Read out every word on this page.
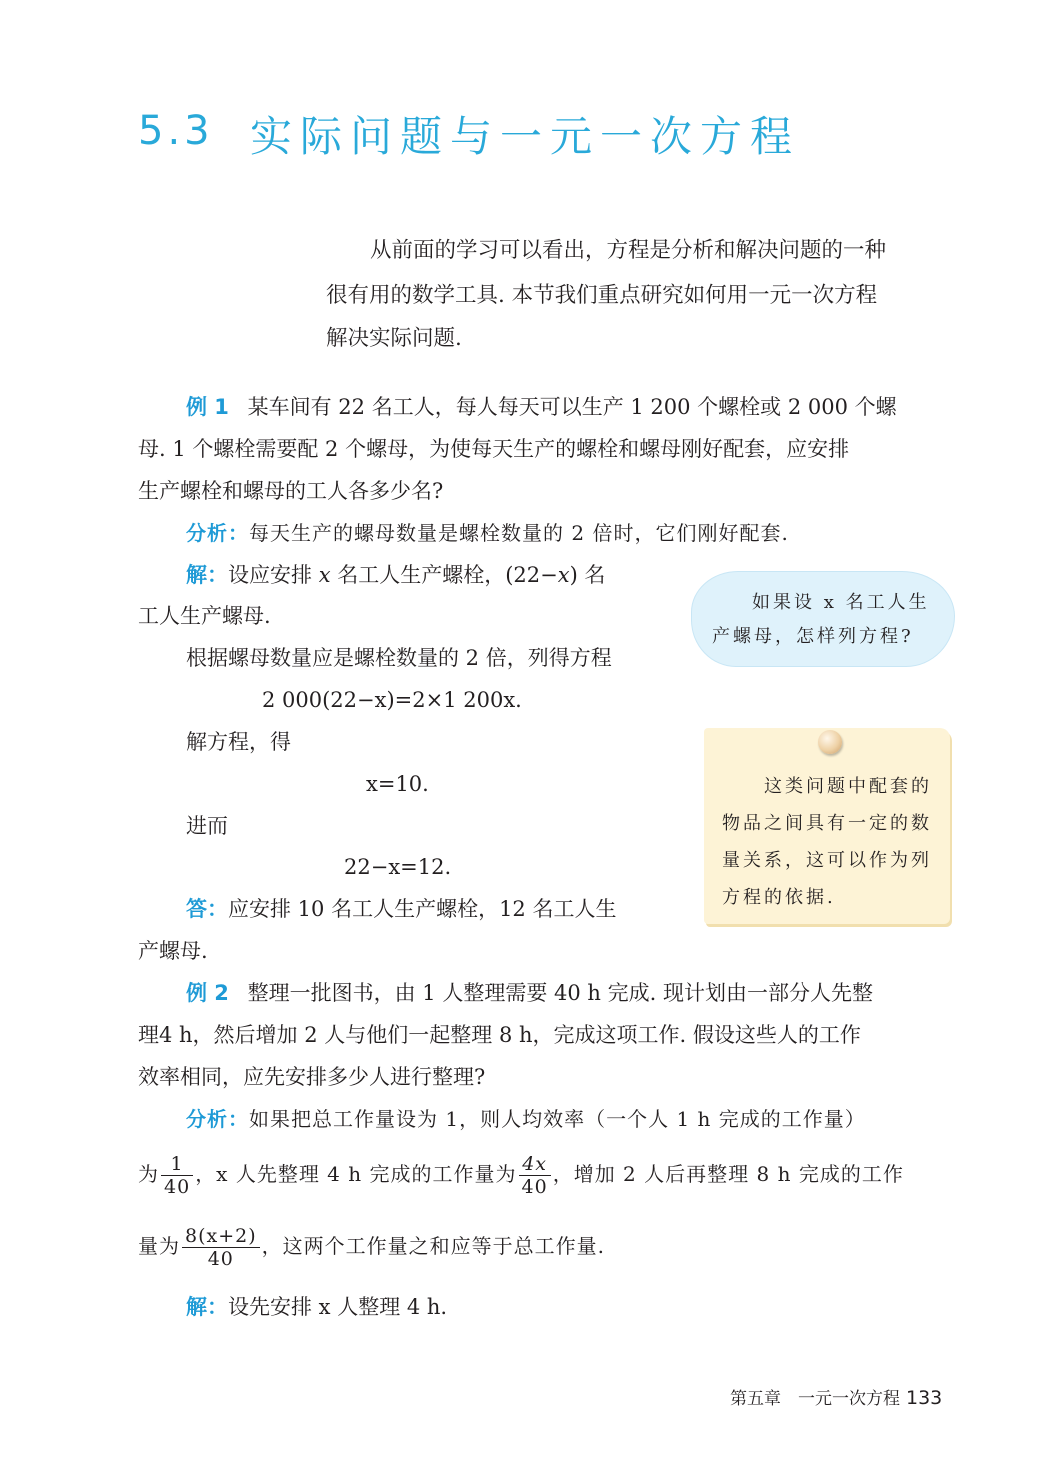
5.3 实际问题与一元一次方程
从前面的学习可以看出，方程是分析和解决问题的一种
很有用的数学工具. 本节我们重点研究如何用一元一次方程
解决实际问题.
例 1 某车间有 22 名工人，每人每天可以生产 1 200 个螺栓或 2 000 个螺
母. 1 个螺栓需要配 2 个螺母，为使每天生产的螺栓和螺母刚好配套，应安排
生产螺栓和螺母的工人各多少名?
分析：每天生产的螺母数量是螺栓数量的 2 倍时，它们刚好配套.
解：设应安排 x 名工人生产螺栓，(22−x) 名
工人生产螺母.
根据螺母数量应是螺栓数量的 2 倍，列得方程
2 000(22−x)=2×1 200x.
解方程，得
x=10.
进而
22−x=12.
答：应安排 10 名工人生产螺栓，12 名工人生
产螺母.
如果设 x 名工人生
产螺母，怎样列方程?
这类问题中配套的
物品之间具有一定的数
量关系，这可以作为列
方程的依据.
例 2 整理一批图书，由 1 人整理需要 40 h 完成. 现计划由一部分人先整
理4 h，然后增加 2 人与他们一起整理 8 h，完成这项工作. 假设这些人的工作
效率相同，应先安排多少人进行整理?
分析：如果把总工作量设为 1，则人均效率（一个人 1 h 完成的工作量）
为 $\frac{1}{40}$ ，x 人先整理 4 h 完成的工作量为 $\frac{4x}{40}$ ，增加 2 人后再整理 8 h 完成的工作
量为 $\frac{8(x+2)}{40}$ ，这两个工作量之和应等于总工作量.
解：设先安排 x 人整理 4 h.
第五章　一元一次方程 133
